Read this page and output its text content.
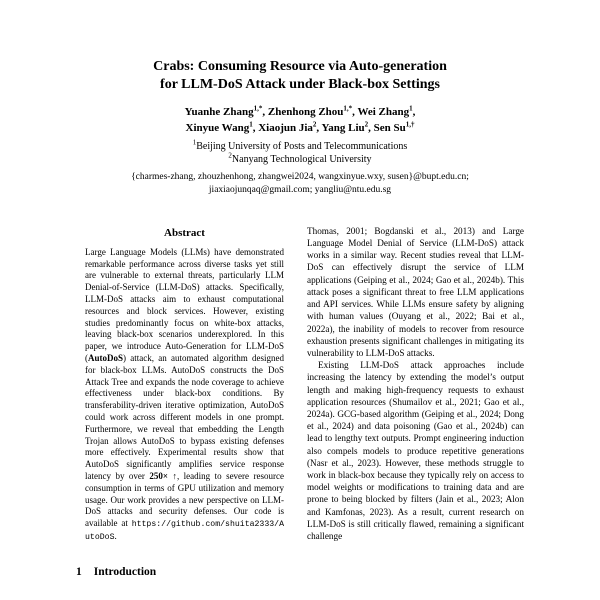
Crabs: Consuming Resource via Auto-generation
for LLM-DoS Attack under Black-box Settings
Yuanhe Zhang$^{1,*}$, Zhenhong Zhou$^{1,*}$, Wei Zhang$^1$,
Xinyue Wang$^1$, Xiaojun Jia$^2$, Yang Liu$^2$, Sen $Su^{1,\dagger}$
$^1$Beijing University of Posts and Telecommunications
$^2$Nanyang Technological University
{charmes-zhang, zhouzhenhong, zhangwei2024, wangxinyue.wxy, susen}@bupt.edu.cn;
jiaxiaojunqaq@gmail.com; yangliu@ntu.edu.sg
Abstract
Large Language Models (LLMs) have demonstrated remarkable performance across diverse tasks yet still are vulnerable to external threats, particularly LLM Denial-of-Service (LLM-DoS) attacks. Specifically, LLM-DoS attacks aim to exhaust computational resources and block services. However, existing studies predominantly focus on white-box attacks, leaving black-box scenarios underexplored. In this paper, we introduce Auto-Generation for LLM-DoS (AutoDoS) attack, an automated algorithm designed for black-box LLMs. AutoDoS constructs the DoS Attack Tree and expands the node coverage to achieve effectiveness under black-box conditions. By transferability-driven iterative optimization, AutoDoS could work across different models in one prompt. Furthermore, we reveal that embedding the Length Trojan allows AutoDoS to bypass existing defenses more effectively. Experimental results show that AutoDoS significantly amplifies service response latency by over 250× ↑, leading to severe resource consumption in terms of GPU utilization and memory usage. Our work provides a new perspective on LLM-DoS attacks and security defenses. Our code is available at https://github.com/shuita2333/AutoDoS.
1 Introduction

Thomas, 2001; Bogdanski et al., 2013) and Large Language Model Denial of Service (LLM-DoS) attack works in a similar way. Recent studies reveal that LLM-DoS can effectively disrupt the service of LLM applications (Geiping et al., 2024; Gao et al., 2024b). This attack poses a significant threat to free LLM applications and API services. While LLMs ensure safety by aligning with human values (Ouyang et al., 2022; Bai et al., 2022a), the inability of models to recover from resource exhaustion presents significant challenges in mitigating its vulnerability to LLM-DoS attacks.

Existing LLM-DoS attack approaches include increasing the latency by extending the model’s output length and making high-frequency requests to exhaust application resources (Shumailov et al., 2021; Gao et al., 2024a). GCG-based algorithm (Geiping et al., 2024; Dong et al., 2024) and data poisoning (Gao et al., 2024b) can lead to lengthy text outputs. Prompt engineering induction also compels models to produce repetitive generations (Nasr et al., 2023). However, these methods struggle to work in black-box because they typically rely on access to model weights or modifications to training data and are prone to being blocked by filters (Jain et al., 2023; Alon and Kamfonas, 2023). As a result, current research on LLM-DoS is still critically flawed, remaining a significant challenge
